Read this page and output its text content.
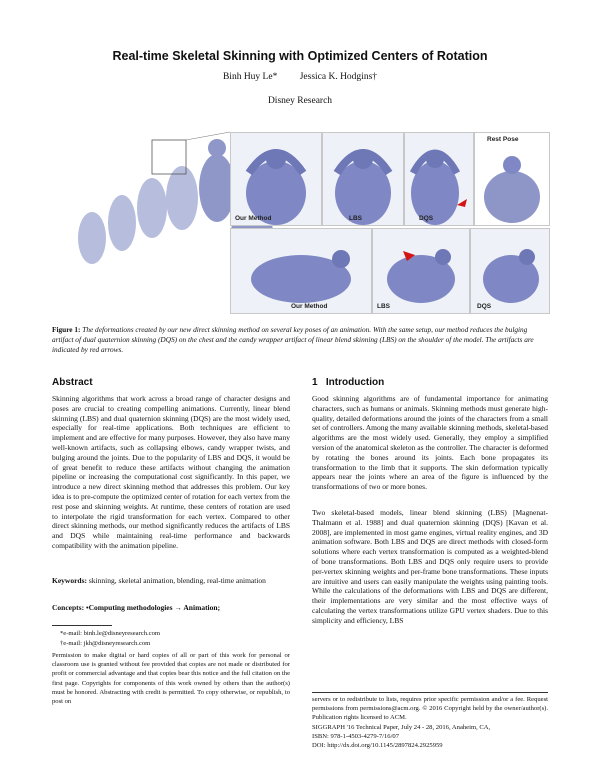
Real-time Skeletal Skinning with Optimized Centers of Rotation
Binh Huy Le* Jessica K. Hodgins†
Disney Research
Our Method	LBS	DQS
Rest Pose
Our Method	LBS	DQS
Figure 1: The deformations created by our new direct skinning method on several key poses of an animation. With the same setup, our method reduces the bulging artifact of dual quaternion skinning (DQS) on the chest and the candy wrapper artifact of linear blend skinning (LBS) on the shoulder of the model. The artifacts are indicated by red arrows.
Abstract
Skinning algorithms that work across a broad range of character designs and poses are crucial to creating compelling animations. Currently, linear blend skinning (LBS) and dual quaternion skinning (DQS) are the most widely used, especially for real-time applications. Both techniques are efficient to implement and are effective for many purposes. However, they also have many well-known artifacts, such as collapsing elbows, candy wrapper twists, and bulging around the joints. Due to the popularity of LBS and DQS, it would be of great benefit to reduce these artifacts without changing the animation pipeline or increasing the computational cost significantly. In this paper, we introduce a new direct skinning method that addresses this problem. Our key idea is to pre-compute the optimized center of rotation for each vertex from the rest pose and skinning weights. At runtime, these centers of rotation are used to interpolate the rigid transformation for each vertex. Compared to other direct skinning methods, our method significantly reduces the artifacts of LBS and DQS while maintaining real-time performance and backwards compatibility with the animation pipeline.
Keywords: skinning, skeletal animation, blending, real-time animation
Concepts: •Computing methodologies → Animation;
*e-mail: binh.le@disneyresearch.com
†e-mail: jkh@disneyresearch.com
Permission to make digital or hard copies of all or part of this work for personal or classroom use is granted without fee provided that copies are not made or distributed for profit or commercial advantage and that copies bear this notice and the full citation on the first page. Copyrights for components of this work owned by others than the author(s) must be honored. Abstracting with credit is permitted. To copy otherwise, or republish, to post on
1 Introduction
Good skinning algorithms are of fundamental importance for animating characters, such as humans or animals. Skinning methods must generate high-quality, detailed deformations around the joints of the characters from a small set of controllers. Among the many available skinning methods, skeletal-based algorithms are the most widely used. Generally, they employ a simplified version of the anatomical skeleton as the controller. The character is deformed by rotating the bones around its joints. Each bone propagates its transformation to the limb that it supports. The skin deformation typically appears near the joints where an area of the figure is influenced by the transformations of two or more bones.
Two skeletal-based models, linear blend skinning (LBS) [Magnenat-Thalmann et al. 1988] and dual quaternion skinning (DQS) [Kavan et al. 2008], are implemented in most game engines, virtual reality engines, and 3D animation software. Both LBS and DQS are direct methods with closed-form solutions where each vertex transformation is computed as a weighted-blend of bone transformations. Both LBS and DQS only require users to provide per-vertex skinning weights and per-frame bone transformations. These inputs are intuitive and users can easily manipulate the weights using painting tools. While the calculations of the deformations with LBS and DQS are different, their implementations are very similar and the most effective ways of calculating the vertex transformations utilize GPU vertex shaders. Due to this simplicity and efficiency, LBS
servers or to redistribute to lists, requires prior specific permission and/or a fee. Request permissions from permissions@acm.org. © 2016 Copyright held by the owner/author(s). Publication rights licensed to ACM.
SIGGRAPH '16 Technical Paper, July 24 - 28, 2016, Anaheim, CA,
ISBN: 978-1-4503-4279-7/16/07
DOI: http://dx.doi.org/10.1145/2897824.2925959
